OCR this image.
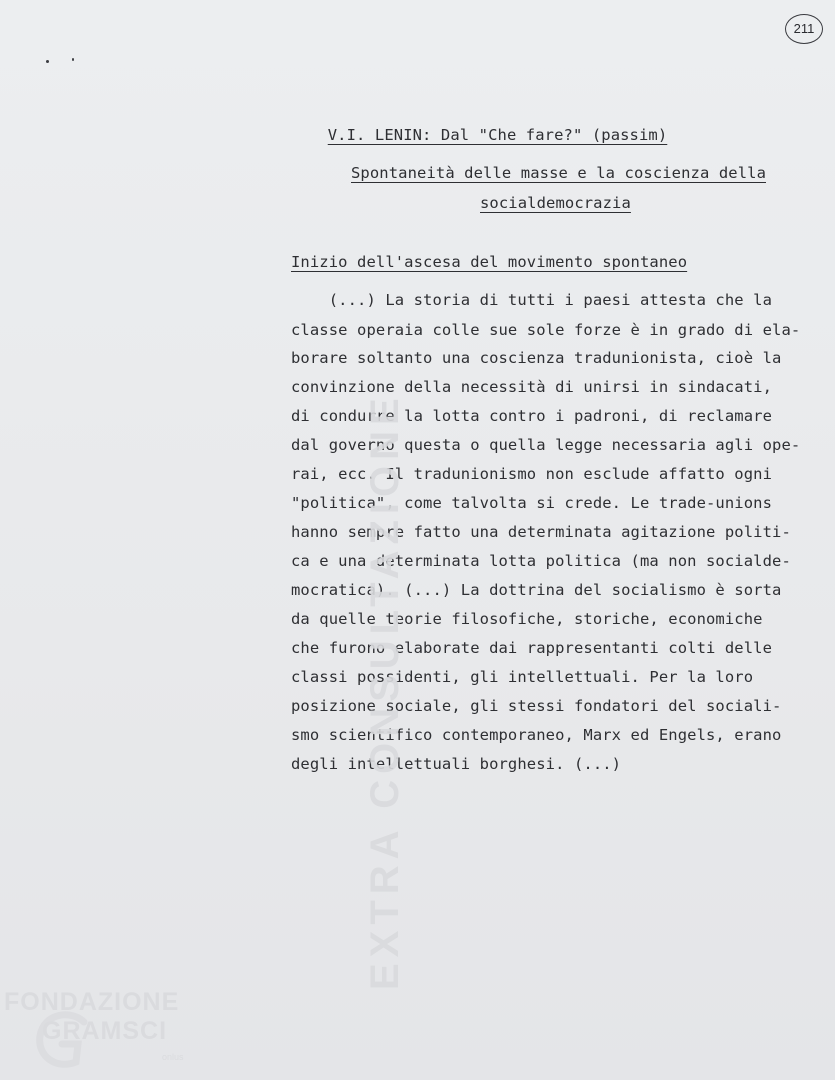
211

V.I. LENIN: Dal "Che fare?" (passim)

Spontaneità delle masse e la coscienza della
socialdemocrazia
Inizio dell'ascesa del movimento spontaneo
(...) La storia di tutti i paesi attesta che la
classe operaia colle sue sole forze è in grado di ela-
borare soltanto una coscienza tradunionista, cioè la
convinzione della necessità di unirsi in sindacati,
di condurre la lotta contro i padroni, di reclamare
dal governo questa o quella legge necessaria agli ope-
rai, ecc. Il tradunionismo non esclude affatto ogni
"politica", come talvolta si crede. Le trade-unions
hanno sempre fatto una determinata agitazione politi-
ca e una determinata lotta politica (ma non socialde-
mocratica). (...) La dottrina del socialismo è sorta
da quelle teorie filosofiche, storiche, economiche
che furono elaborate dai rappresentanti colti delle
classi possidenti, gli intellettuali. Per la loro
posizione sociale, gli stessi fondatori del sociali-
smo scientifico contemporaneo, Marx ed Engels, erano
degli intellettuali borghesi. (...)
EXTRA CONSULTAZIONE
FONDAZIONE
GRAMSCI
onlus
